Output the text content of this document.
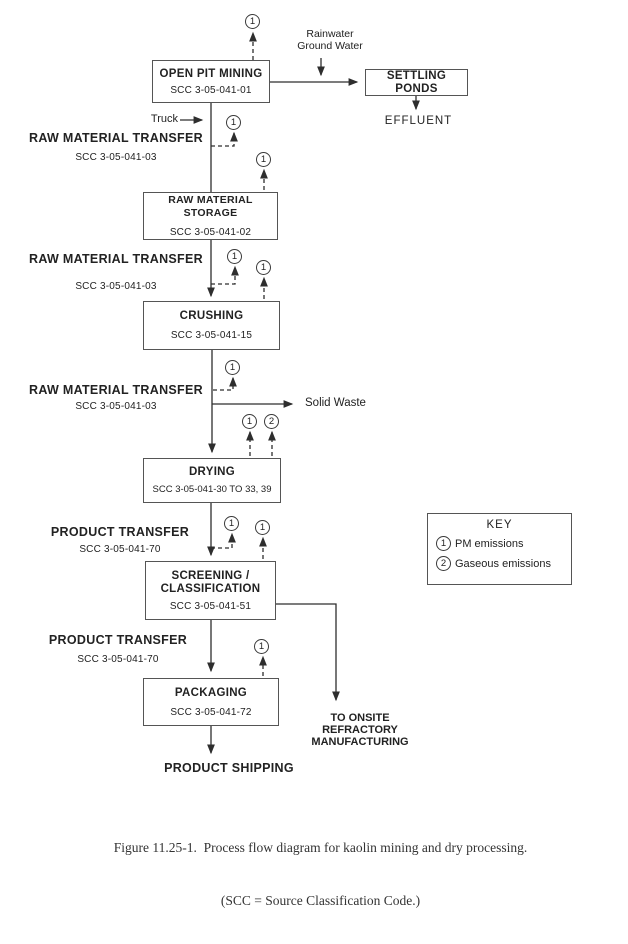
OPEN PIT MINING
SCC 3-05-041-01
SETTLING PONDS
RAW MATERIAL STORAGE
SCC 3-05-041-02
CRUSHING
SCC 3-05-041-15
DRYING
SCC 3-05-041-30 TO 33, 39
SCREENING /
CLASSIFICATION
SCC 3-05-041-51
PACKAGING
SCC 3-05-041-72
1
1
1
1
1
1
1 2
1	1
1
Rainwater
Ground Water
EFFLUENT
Truck
RAW MATERIAL TRANSFER
SCC 3-05-041-03
RAW MATERIAL TRANSFER
SCC 3-05-041-03
RAW MATERIAL TRANSFER
SCC 3-05-041-03	Solid Waste
PRODUCT TRANSFER
SCC 3-05-041-70
PRODUCT TRANSFER
SCC 3-05-041-70
PRODUCT SHIPPING
TO ONSITE
REFRACTORY
MANUFACTURING
KEY
1 PM emissions
2 Gaseous emissions

Figure 11.25-1.  Process flow diagram for kaolin mining and dry processing.

(SCC = Source Classification Code.)
